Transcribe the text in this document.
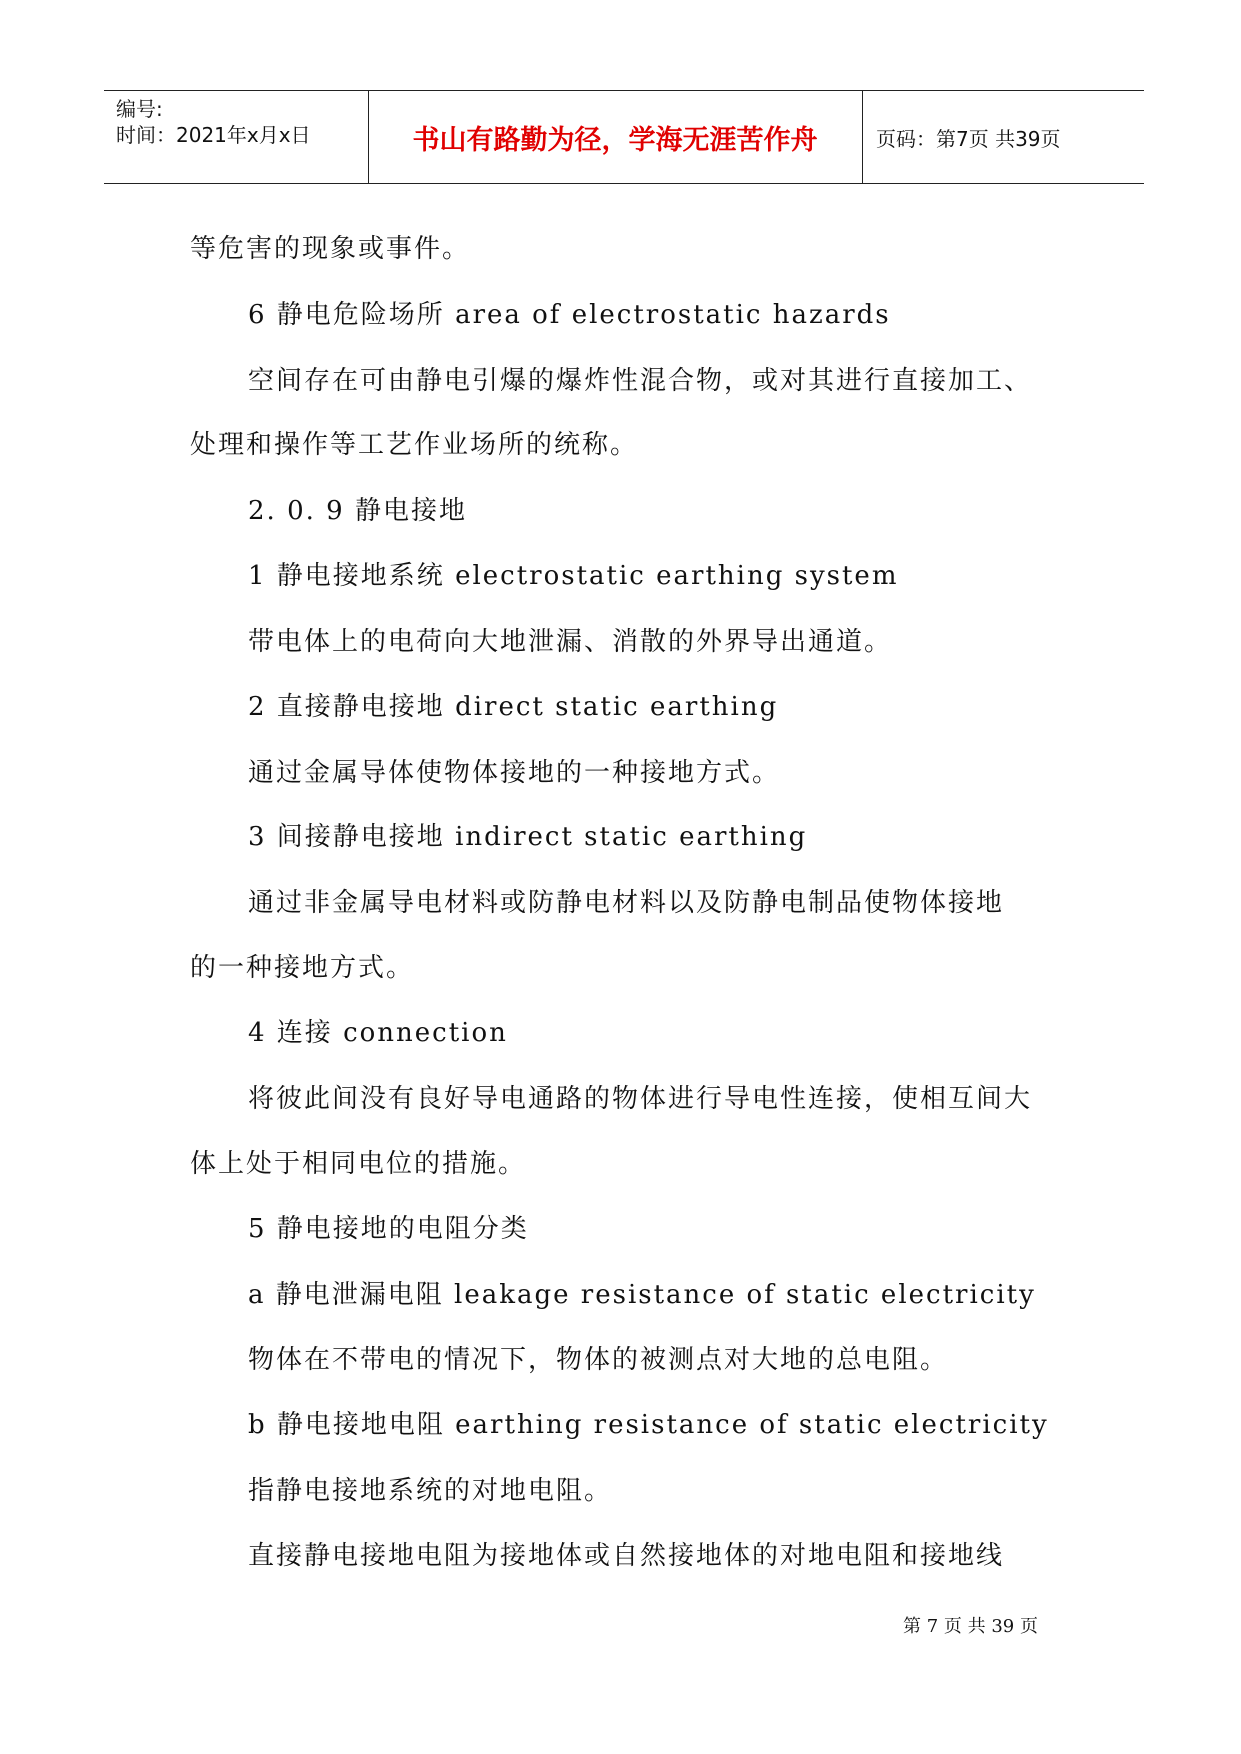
编号:
时间：2021年x月x日	书山有路勤为径，学海无涯苦作舟	页码：第7页 共39页
等危害的现象或事件。
6 静电危险场所 area of electrostatic hazards
空间存在可由静电引爆的爆炸性混合物，或对其进行直接加工、
处理和操作等工艺作业场所的统称。
2. 0. 9 静电接地
1 静电接地系统 electrostatic earthing system
带电体上的电荷向大地泄漏、消散的外界导出通道。
2 直接静电接地 direct static earthing
通过金属导体使物体接地的一种接地方式。
3 间接静电接地 indirect static earthing
通过非金属导电材料或防静电材料以及防静电制品使物体接地
的一种接地方式。
4 连接 connection
将彼此间没有良好导电通路的物体进行导电性连接，使相互间大
体上处于相同电位的措施。
5 静电接地的电阻分类
a 静电泄漏电阻 leakage resistance of static electricity
物体在不带电的情况下，物体的被测点对大地的总电阻。
b 静电接地电阻 earthing resistance of static electricity
指静电接地系统的对地电阻。
直接静电接地电阻为接地体或自然接地体的对地电阻和接地线
第 7 页 共 39 页
